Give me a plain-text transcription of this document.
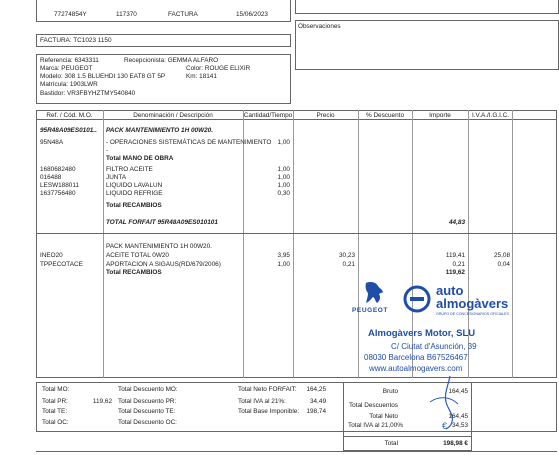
77274854Y	117370	FACTURA	15/06/2023
Observaciones
FACTURA: TC1023 1150
Referencia: 6343311	Recepcionista: GEMMA ALFARO
Marca: PEUGEOT	Color: ROUGE ELIXIR
Modelo: 308 1.5 BLUEHDI 130 EAT8 GT 5P	Km: 18141
Matrícula: 1903LWR
Bastidor: VR3FBYHZTMY540840
Ref. / Cód. M.O.	Denominación / Descripción	Cantidad/Tiempo	Precio	% Descuento	Importe	I.V.A./I.G.I.C.
95R48A09ES0101..	PACK MANTENIMIENTO 1H 00W20.
95N48A	- OPERACIONES SISTEMÁTICAS DE MANTENIMIENTO 1,00
-
Total MANO DE OBRA
1680682480	FILTRO ACEITE	1,00
016488	JUNTA	1,00
LESW188011	LIQUIDO LAVALUN	1,00
1637756480	LIQUIDO REFRIGE	0,30
Total RECAMBIOS
TOTAL FORFAIT 95R48A09ES010101	44,83
PACK MANTENIMIENTO 1H 00W20.
INEO20	ACEITE TOTAL 0W20	3,95	30,23	119,41	25,08
TPPECOTACE	APORTACION A SIGAUS(RD/679/2006)	1,00	0,21	0,21	0,04
Total RECAMBIOS	119,62
PEUGEOT
auto
almogàvers
GRUPO DE CONCESIONARIOS OFICIALES
Almogàvers Motor, SLU
C/ Ciutat d'Asunción, 39
08030 Barcelona B67526467
www.autoalmogavers.com
Total MO:	Total Descuento MO:
Total PR:	119,62 Total Descuento PR:
Total TE:	Total Descuento TE:
Total OC:	Total Descuento OC:
Total Neto FORFAIT:	164,25
Total IVA al 21%:	34,49
Total Base Imponible:	198,74
Bruto	164,45
Total Descuentos
Total Neto	164,45
Total IVA al 21,00%	34,53
Total	198,98 €
€
